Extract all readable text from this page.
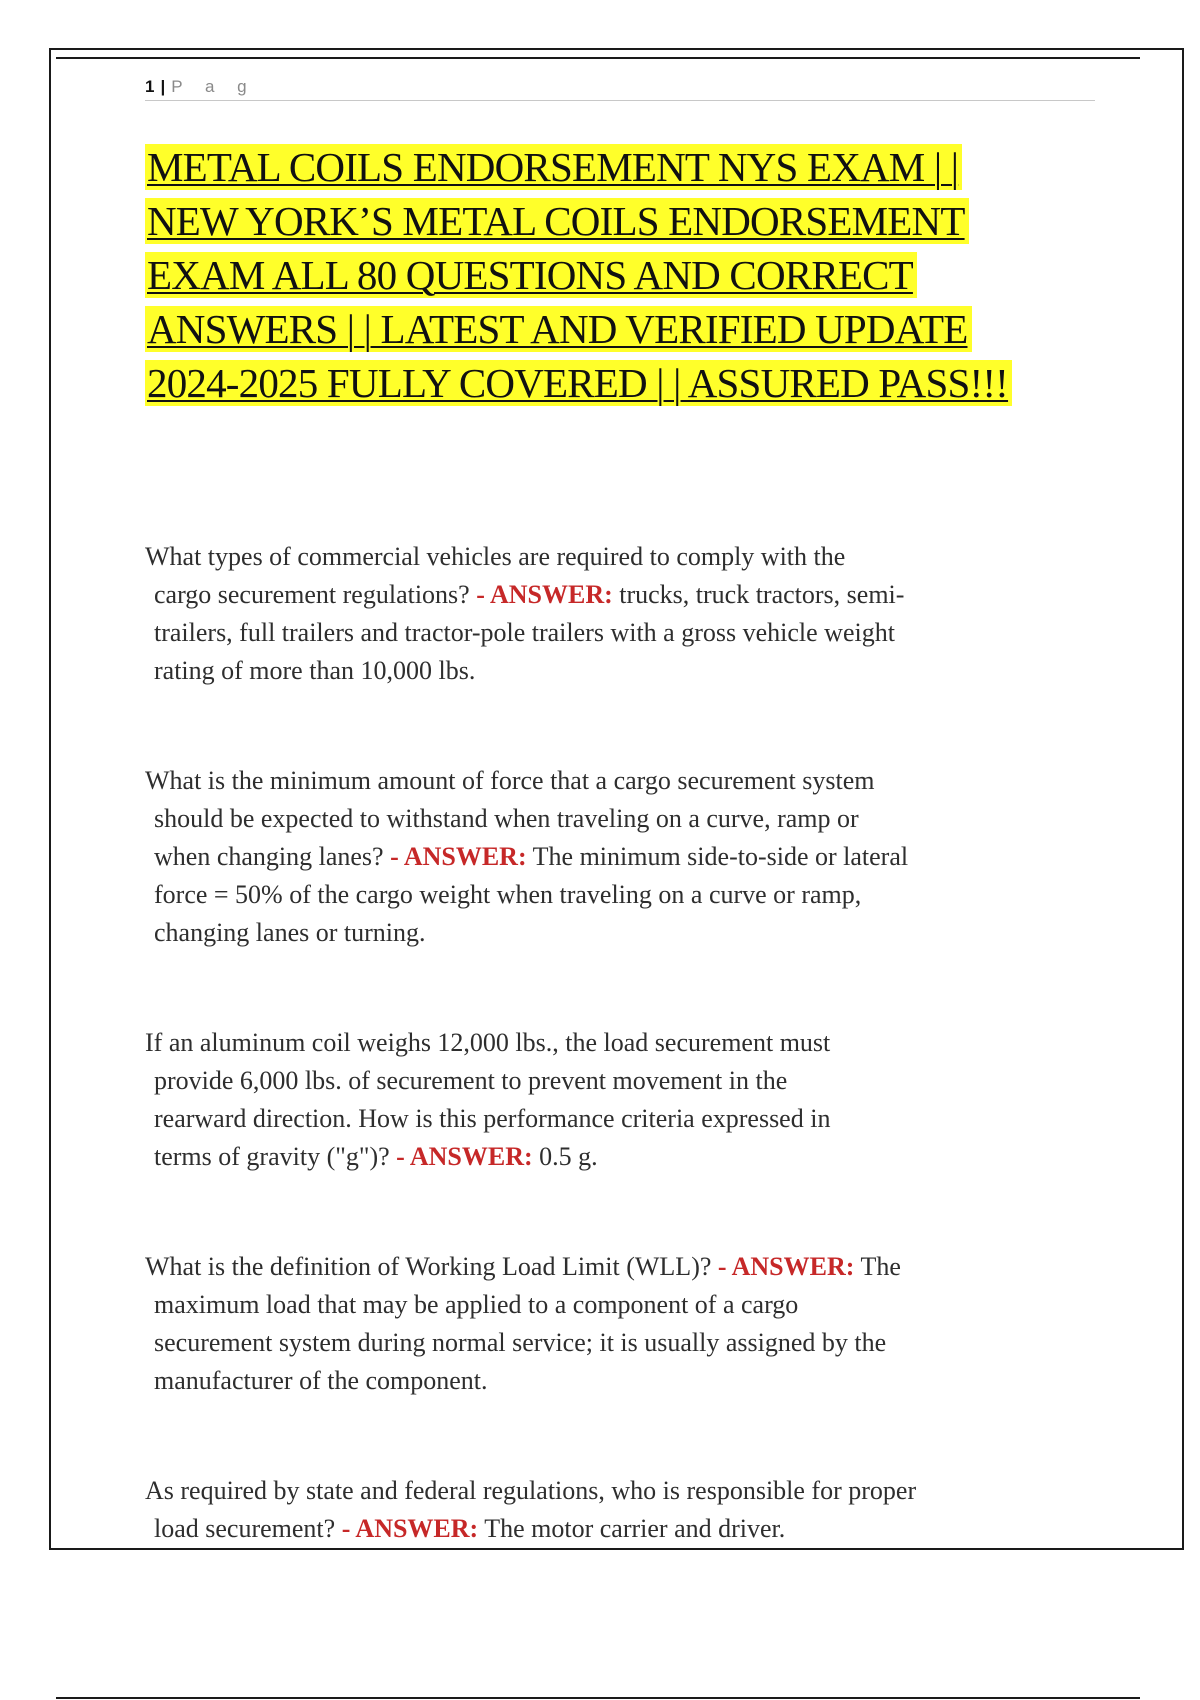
1 | P a g
METAL COILS ENDORSEMENT NYS EXAM | |
NEW YORK’S METAL COILS ENDORSEMENT
EXAM ALL 80 QUESTIONS AND CORRECT
ANSWERS | | LATEST AND VERIFIED UPDATE
2024-2025 FULLY COVERED | | ASSURED PASS!!!
What types of commercial vehicles are required to comply with the
cargo securement regulations? - ANSWER: trucks, truck tractors, semi-
trailers, full trailers and tractor-pole trailers with a gross vehicle weight
rating of more than 10,000 lbs.
What is the minimum amount of force that a cargo securement system
should be expected to withstand when traveling on a curve, ramp or
when changing lanes? - ANSWER: The minimum side-to-side or lateral
force = 50% of the cargo weight when traveling on a curve or ramp,
changing lanes or turning.
If an aluminum coil weighs 12,000 lbs., the load securement must
provide 6,000 lbs. of securement to prevent movement in the
rearward direction. How is this performance criteria expressed in
terms of gravity ("g")? - ANSWER: 0.5 g.
What is the definition of Working Load Limit (WLL)? - ANSWER: The
maximum load that may be applied to a component of a cargo
securement system during normal service; it is usually assigned by the
manufacturer of the component.
As required by state and federal regulations, who is responsible for proper
load securement? - ANSWER: The motor carrier and driver.
